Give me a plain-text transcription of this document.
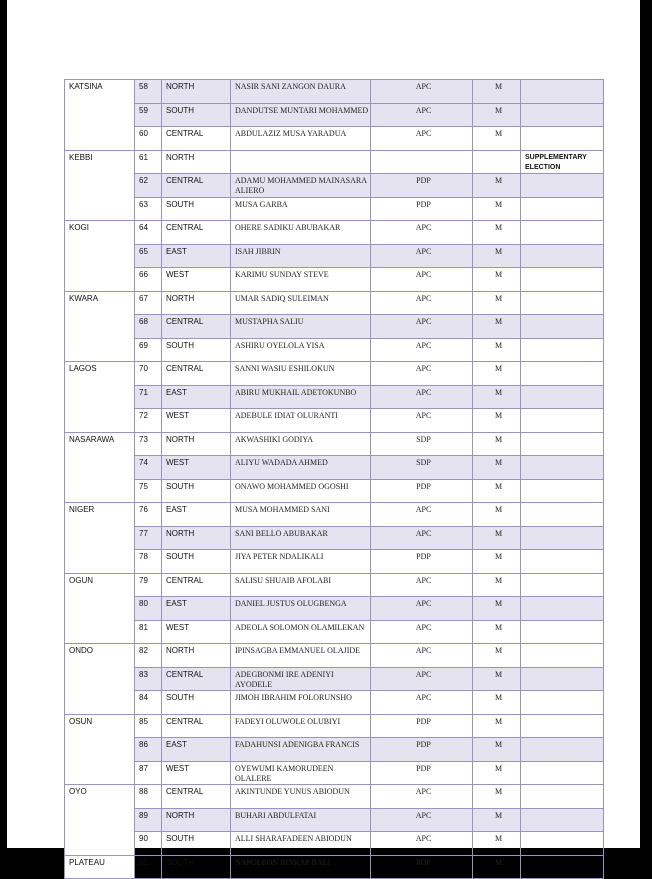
KATSINA	58	NORTH	NASIR SANI ZANGON DAURA	APC	M	
	59	SOUTH	DANDUTSE MUNTARI MOHAMMED	APC	M	
	60	CENTRAL	ABDULAZIZ MUSA YARADUA	APC	M	
KEBBI	61	NORTH				SUPPLEMENTARY ELECTION
	62	CENTRAL	ADAMU MOHAMMED MAINASARA ALIERO	PDP	M	
	63	SOUTH	MUSA GARBA	PDP	M	
KOGI	64	CENTRAL	OHERE SADIKU ABUBAKAR	APC	M	
	65	EAST	ISAH JIBRIN	APC	M	
	66	WEST	KARIMU SUNDAY STEVE	APC	M	
KWARA	67	NORTH	UMAR SADIQ SULEIMAN	APC	M	
	68	CENTRAL	MUSTAPHA SALIU	APC	M	
	69	SOUTH	ASHIRU OYELOLA YISA	APC	M	
LAGOS	70	CENTRAL	SANNI WASIU ESHILOKUN	APC	M	
	71	EAST	ABIRU MUKHAIL ADETOKUNBO	APC	M	
	72	WEST	ADEBULE IDIAT OLURANTI	APC	M	
NASARAWA	73	NORTH	AKWASHIKI GODIYA	SDP	M	
	74	WEST	ALIYU WADADA AHMED	SDP	M	
	75	SOUTH	ONAWO MOHAMMED OGOSHI	PDP	M	
NIGER	76	EAST	MUSA MOHAMMED SANI	APC	M	
	77	NORTH	SANI BELLO ABUBAKAR	APC	M	
	78	SOUTH	JIYA PETER NDALIKALI	PDP	M	
OGUN	79	CENTRAL	SALISU SHUAIB AFOLABI	APC	M	
	80	EAST	DANIEL JUSTUS OLUGBENGA	APC	M	
	81	WEST	ADEOLA SOLOMON OLAMILEKAN	APC	M	
ONDO	82	NORTH	IPINSAGBA EMMANUEL OLAJIDE	APC	M	
	83	CENTRAL	ADEGBONMI IRE ADENIYI AYODELE	APC	M	
	84	SOUTH	JIMOH IBRAHIM FOLORUNSHO	APC	M	
OSUN	85	CENTRAL	FADEYI OLUWOLE OLUBIYI	PDP	M	
	86	EAST	FADAHUNSI ADENIGBA FRANCIS	PDP	M	
	87	WEST	OYEWUMI KAMORUDEEN OLALERE	PDP	M	
OYO	88	CENTRAL	AKINTUNDE YUNUS ABIODUN	APC	M	
	89	NORTH	BUHARI ABDULFATAI	APC	M	
	90	SOUTH	ALLI SHARAFADEEN ABIODUN	APC	M	
PLATEAU	91	SOUTH	NAPOLEON BINKAP BALI	PDP	M	
